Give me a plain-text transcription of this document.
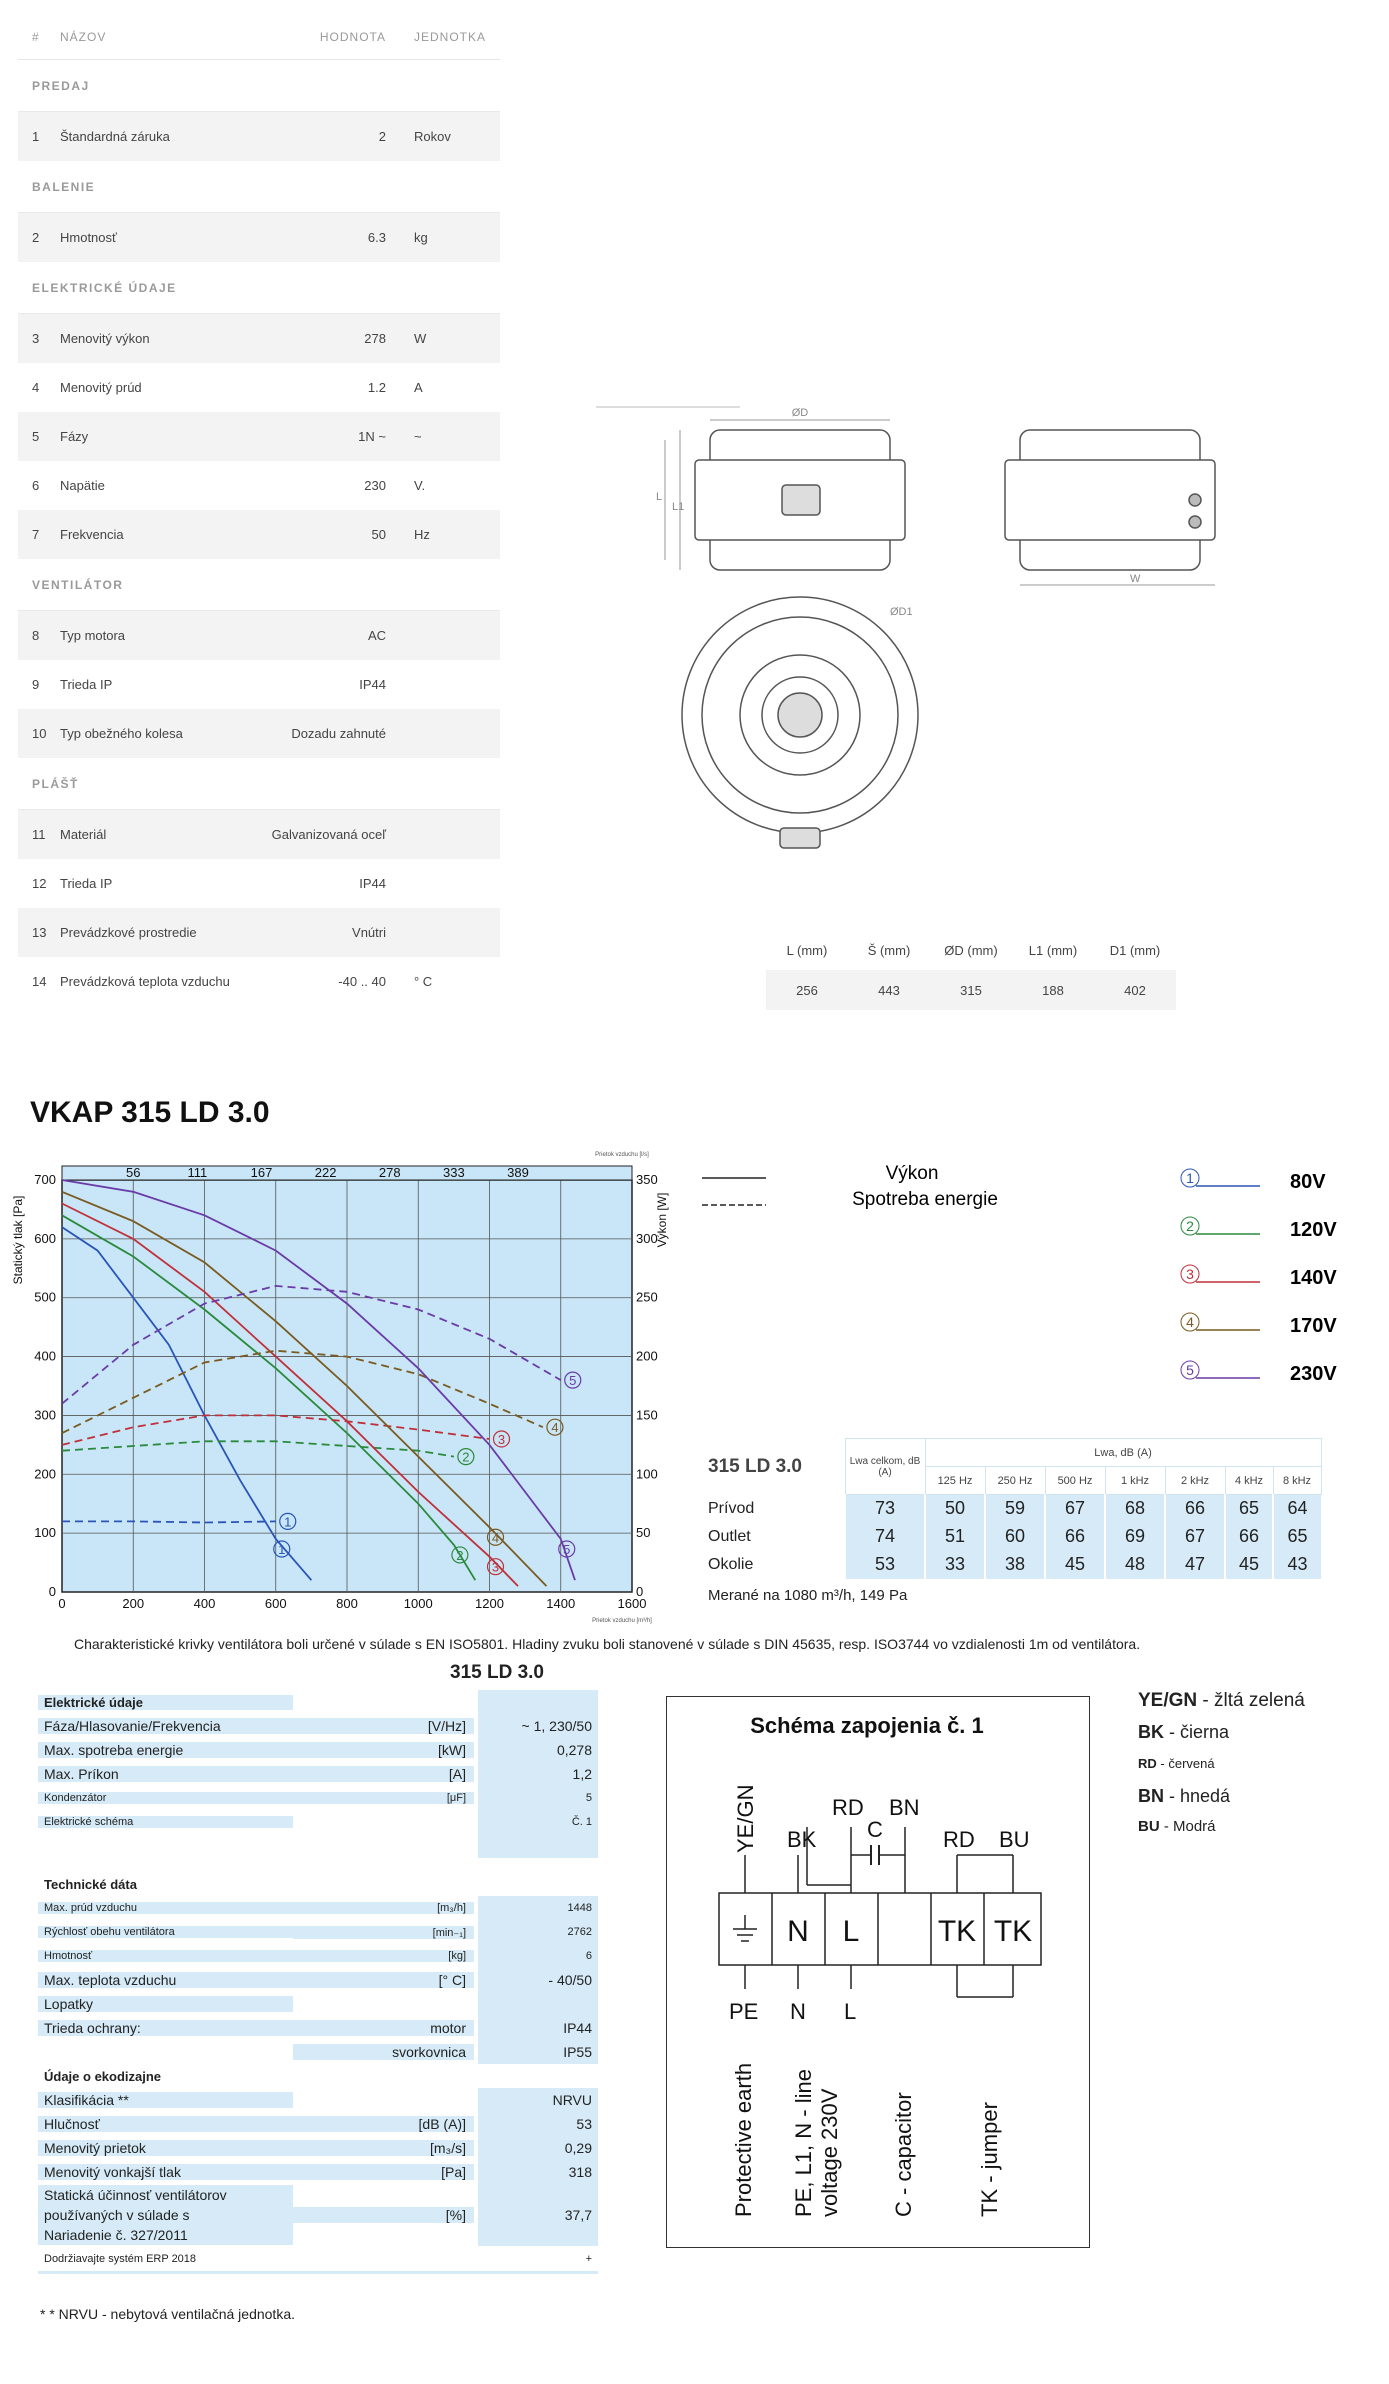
#	NÁZOV	HODNOTA	JEDNOTKA
PREDAJ
1	Štandardná záruka	2	Rokov
BALENIE
2	Hmotnosť	6.3	kg
ELEKTRICKÉ ÚDAJE
3	Menovitý výkon	278	W
4	Menovitý prúd	1.2	A
5	Fázy	1N ~	~
6	Napätie	230	V.
7	Frekvencia	50	Hz
VENTILÁTOR
8	Typ motora	AC
9	Trieda IP	IP44
10	Typ obežného kolesa	Dozadu zahnuté
PLÁŠŤ
11	Materiál	Galvanizovaná oceľ
12	Trieda IP	IP44
13	Prevádzkové prostredie	Vnútri
14	Prevádzková teplota vzduchu	-40 .. 40	° C
ØD
L
L1
W
ØD1
L (mm)	Š (mm)	ØD (mm)	L1 (mm)	D1 (mm)
256	443	315	188	402
VKAP 315 LD 3.0
0	200	400	600	800	1000	1200	1400	1600
0
100
200
300
400
500
600
700
0
50
100
150
200
250
300
350
56	111	167	222	278	333	389
Statický tlak [Pa]	Výkon [W]
Prietok vzduchu [l/s]
Prietok vzduchu [m³/h]
1
1
2
2
3
3
4
4
5
5
Výkon
Spotreba energie
1	80V
2	120V
3	140V
4	170V
5	230V
315 LD 3.0	Lwa celkom, dB (A)	Lwa, dB (A)						
		125 Hz	250 Hz	500 Hz	1 kHz	2 kHz	4 kHz	8 kHz
Prívod	73	50	59	67	68	66	65	64
Outlet	74	51	60	66	69	67	66	65
Okolie	53	33	38	45	48	47	45	43
Merané na 1080 m³/h, 149 Pa
Charakteristické krivky ventilátora boli určené v súlade s EN ISO5801. Hladiny zvuku boli stanovené v súlade s DIN 45635, resp. ISO3744 vo vzdialenosti 1m od ventilátora.
315 LD 3.0
Elektrické údaje
Fáza/Hlasovanie/Frekvencia	[V/Hz]	~ 1, 230/50
Max. spotreba energie	[kW]	0,278
Max. Príkon	[A]	1,2
Kondenzátor	[μF]	5
Elektrické schéma	Č. 1
Technické dáta
Max. prúd vzduchu	[m₃/h]	1448
Rýchlosť obehu ventilátora	[min₋₁]	2762
Hmotnosť	[kg]	6
Max. teplota vzduchu	[° C]	- 40/50
Lopatky
Trieda ochrany:	motor	IP44
svorkovnica	IP55
Údaje o ekodizajne
Klasifikácia **	NRVU
Hlučnosť	[dB (A)]	53
Menovitý prietok	[m₃/s]	0,29
Menovitý vonkajší tlak	[Pa]	318
Statická účinnosť ventilátorov
používaných v súlade s
Nariadenie č. 327/2011
[%]	37,7
Dodržiavajte systém ERP 2018	+
Schéma zapojenia č. 1
N L	TK TK
YE/GN BK
RD
C
BN
RD BU
PE N L
Protective earth PE, L1, N - line voltage 230V C - capacitor	TK - jumper
YE/GN - žltá zelená
BK - čierna
RD - červená
BN - hnedá
BU - Modrá
* * NRVU - nebytová ventilačná jednotka.
